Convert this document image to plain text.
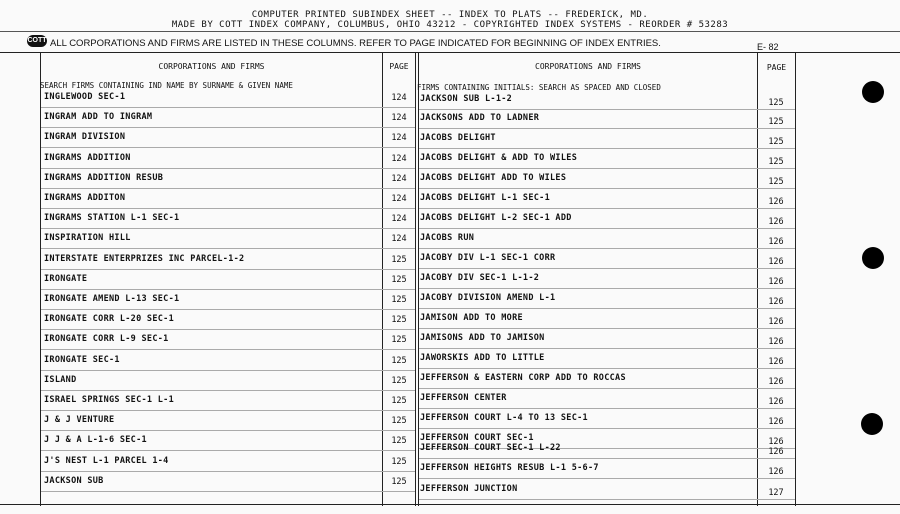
COMPUTER PRINTED SUBINDEX SHEET -- INDEX TO PLATS -- FREDERICK, MD.
MADE BY COTT INDEX COMPANY, COLUMBUS, OHIO 43212 - COPYRIGHTED INDEX SYSTEMS - REORDER # 53283
COTT ALL CORPORATIONS AND FIRMS ARE LISTED IN THESE COLUMNS. REFER TO PAGE INDICATED FOR BEGINNING OF INDEX ENTRIES.	E- 82
CORPORATIONS AND FIRMS	PAGE	CORPORATIONS AND FIRMS	PAGE
SEARCH FIRMS CONTAINING IND NAME BY SURNAME & GIVEN NAME	FIRMS CONTAINING INITIALS: SEARCH AS SPACED AND CLOSED
INGLEWOOD SEC-1	124
INGRAM ADD TO INGRAM	124
INGRAM DIVISION	124
INGRAMS ADDITION	124
INGRAMS ADDITION RESUB	124
INGRAMS ADDITON	124
INGRAMS STATION L-1 SEC-1	124
INSPIRATION HILL	124
INTERSTATE ENTERPRIZES INC PARCEL-1-2	125
IRONGATE	125
IRONGATE AMEND L-13 SEC-1	125
IRONGATE CORR L-20 SEC-1	125
IRONGATE CORR L-9 SEC-1	125
IRONGATE SEC-1	125
ISLAND	125
ISRAEL SPRINGS SEC-1 L-1	125
J & J VENTURE	125
J J & A L-1-6 SEC-1	125
J'S NEST L-1 PARCEL 1-4	125
JACKSON SUB	125
JACKSON SUB L-1-2	125
JACKSONS ADD TO LADNER	125
JACOBS DELIGHT	125
JACOBS DELIGHT & ADD TO WILES	125
JACOBS DELIGHT ADD TO WILES	125
JACOBS DELIGHT L-1 SEC-1	126
JACOBS DELIGHT L-2 SEC-1 ADD	126
JACOBS RUN	126
JACOBY DIV L-1 SEC-1 CORR	126
JACOBY DIV SEC-1 L-1-2	126
JACOBY DIVISION AMEND L-1	126
JAMISON ADD TO MORE	126
JAMISONS ADD TO JAMISON	126
JAWORSKIS ADD TO LITTLE	126
JEFFERSON & EASTERN CORP ADD TO ROCCAS	126
JEFFERSON CENTER	126
JEFFERSON COURT L-4 TO 13 SEC-1	126
JEFFERSON COURT SEC-1	126
JEFFERSON COURT SEC-1 L-22	126
JEFFERSON HEIGHTS RESUB L-1 5-6-7	126
JEFFERSON JUNCTION	127
